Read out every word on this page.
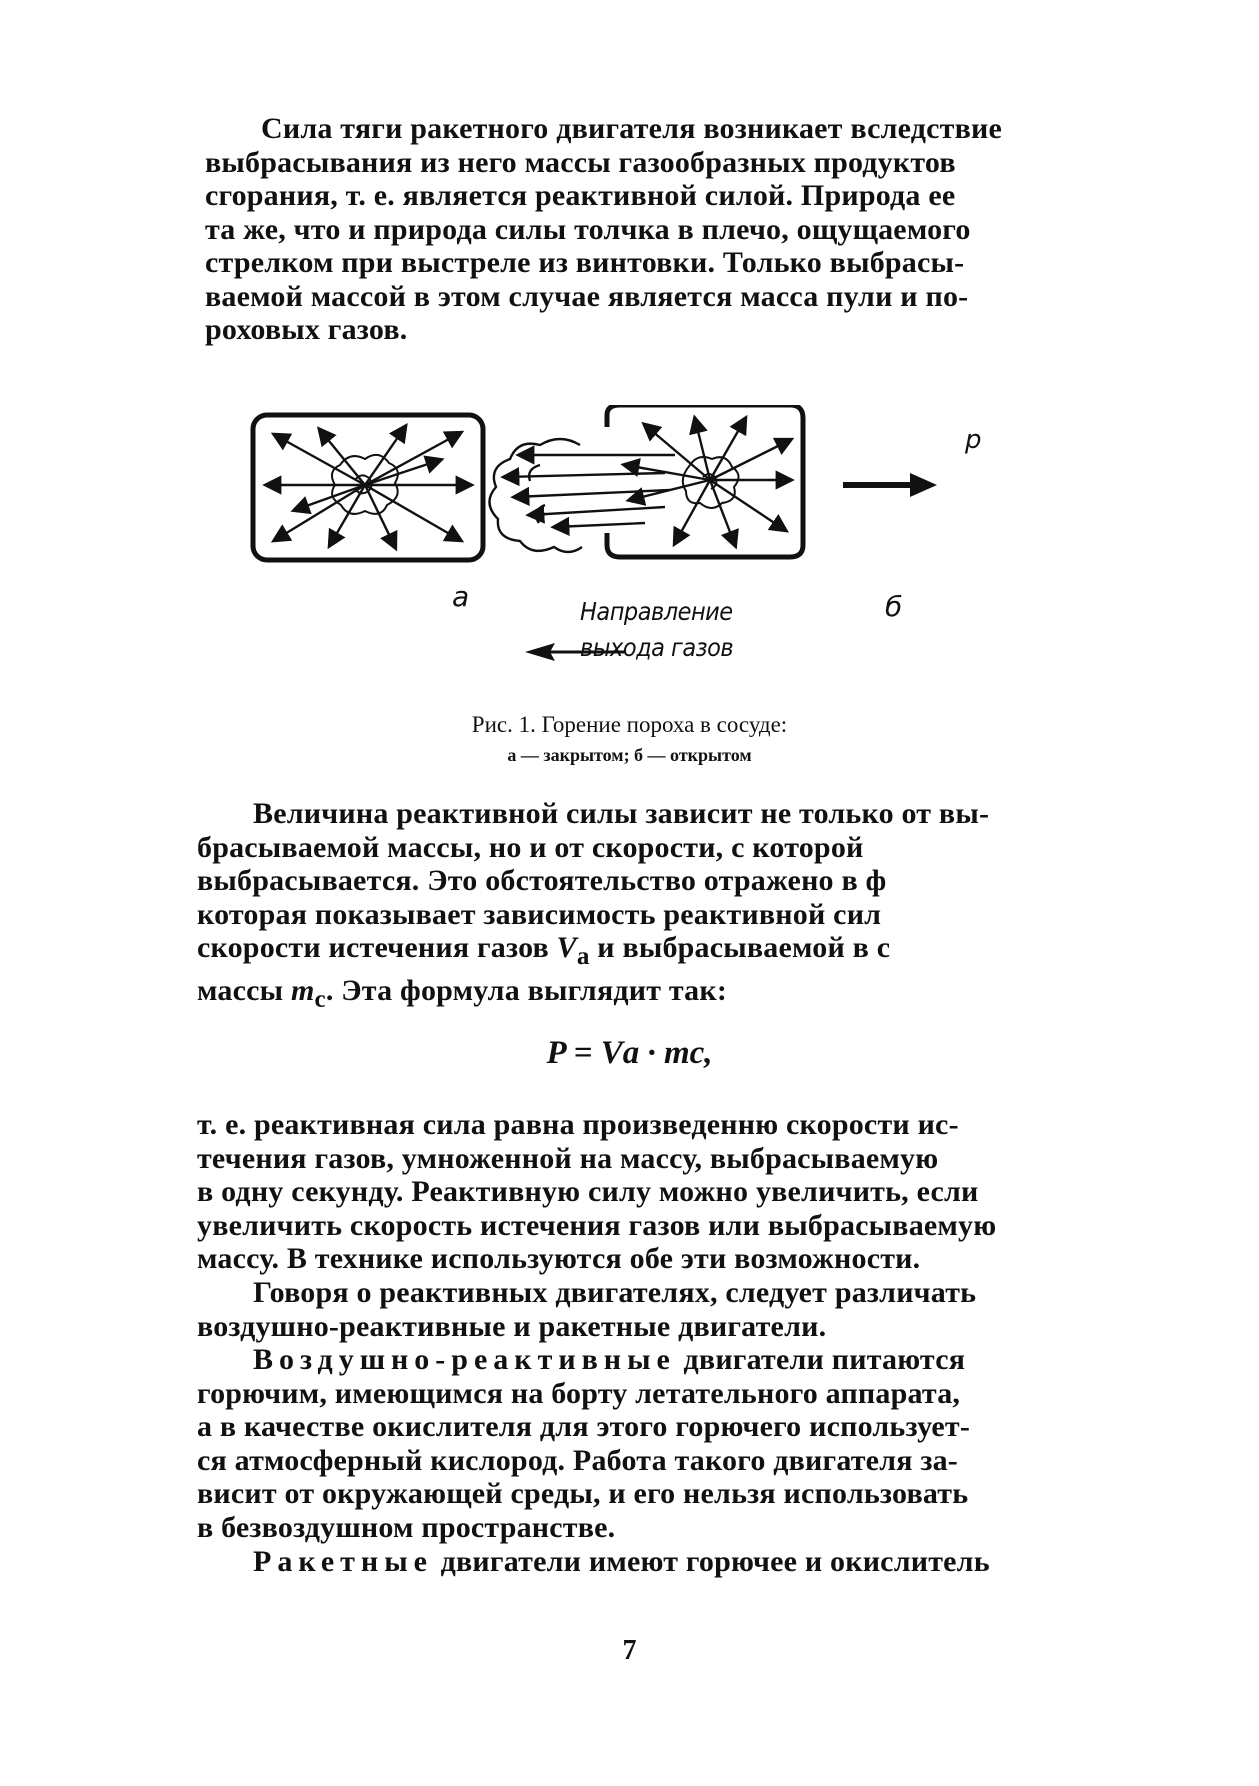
Сила тяги ракетного двигателя возникает вследствие
выбрасывания из него массы газообразных продуктов
сгорания, т. е. является реактивной силой. Природа ее
та же, что и природа силы толчка в плечо, ощущаемого
стрелком при выстреле из винтовки. Только выбрасы-
ваемой массой в этом случае является масса пули и по-
роховых газов.
а	б
p
Направление
выхода газов
Рис. 1. Горение пороха в сосуде:
а — закрытом; б — открытом
Величина реактивной силы зависит не только от вы-
брасываемой массы, но и от скорости, с которой
выбрасывается. Это обстоятельство отражено в ф
которая показывает зависимость реактивной сил
скорости истечения газов $V_a$ и выбрасываемой в с
массы $m_c$. Эта формула выглядит так:
P = Vа · mс,
т. е. реактивная сила равна произведенню скорости ис-
течения газов, умноженной на массу, выбрасываемую
в одну секунду. Реактивную силу можно увеличить, если
увеличить скорость истечения газов или выбрасываемую
массу. В технике используются обе эти возможности.
Говоря о реактивных двигателях, следует различать
воздушно-реактивные и ракетные двигатели.
Воздушно-реактивные двигатели питаются
горючим, имеющимся на борту летательного аппарата,
а в качестве окислителя для этого горючего использует-
ся атмосферный кислород. Работа такого двигателя за-
висит от окружающей среды, и его нельзя использовать
в безвоздушном пространстве.
Ракетные двигатели имеют горючее и окислитель
7
